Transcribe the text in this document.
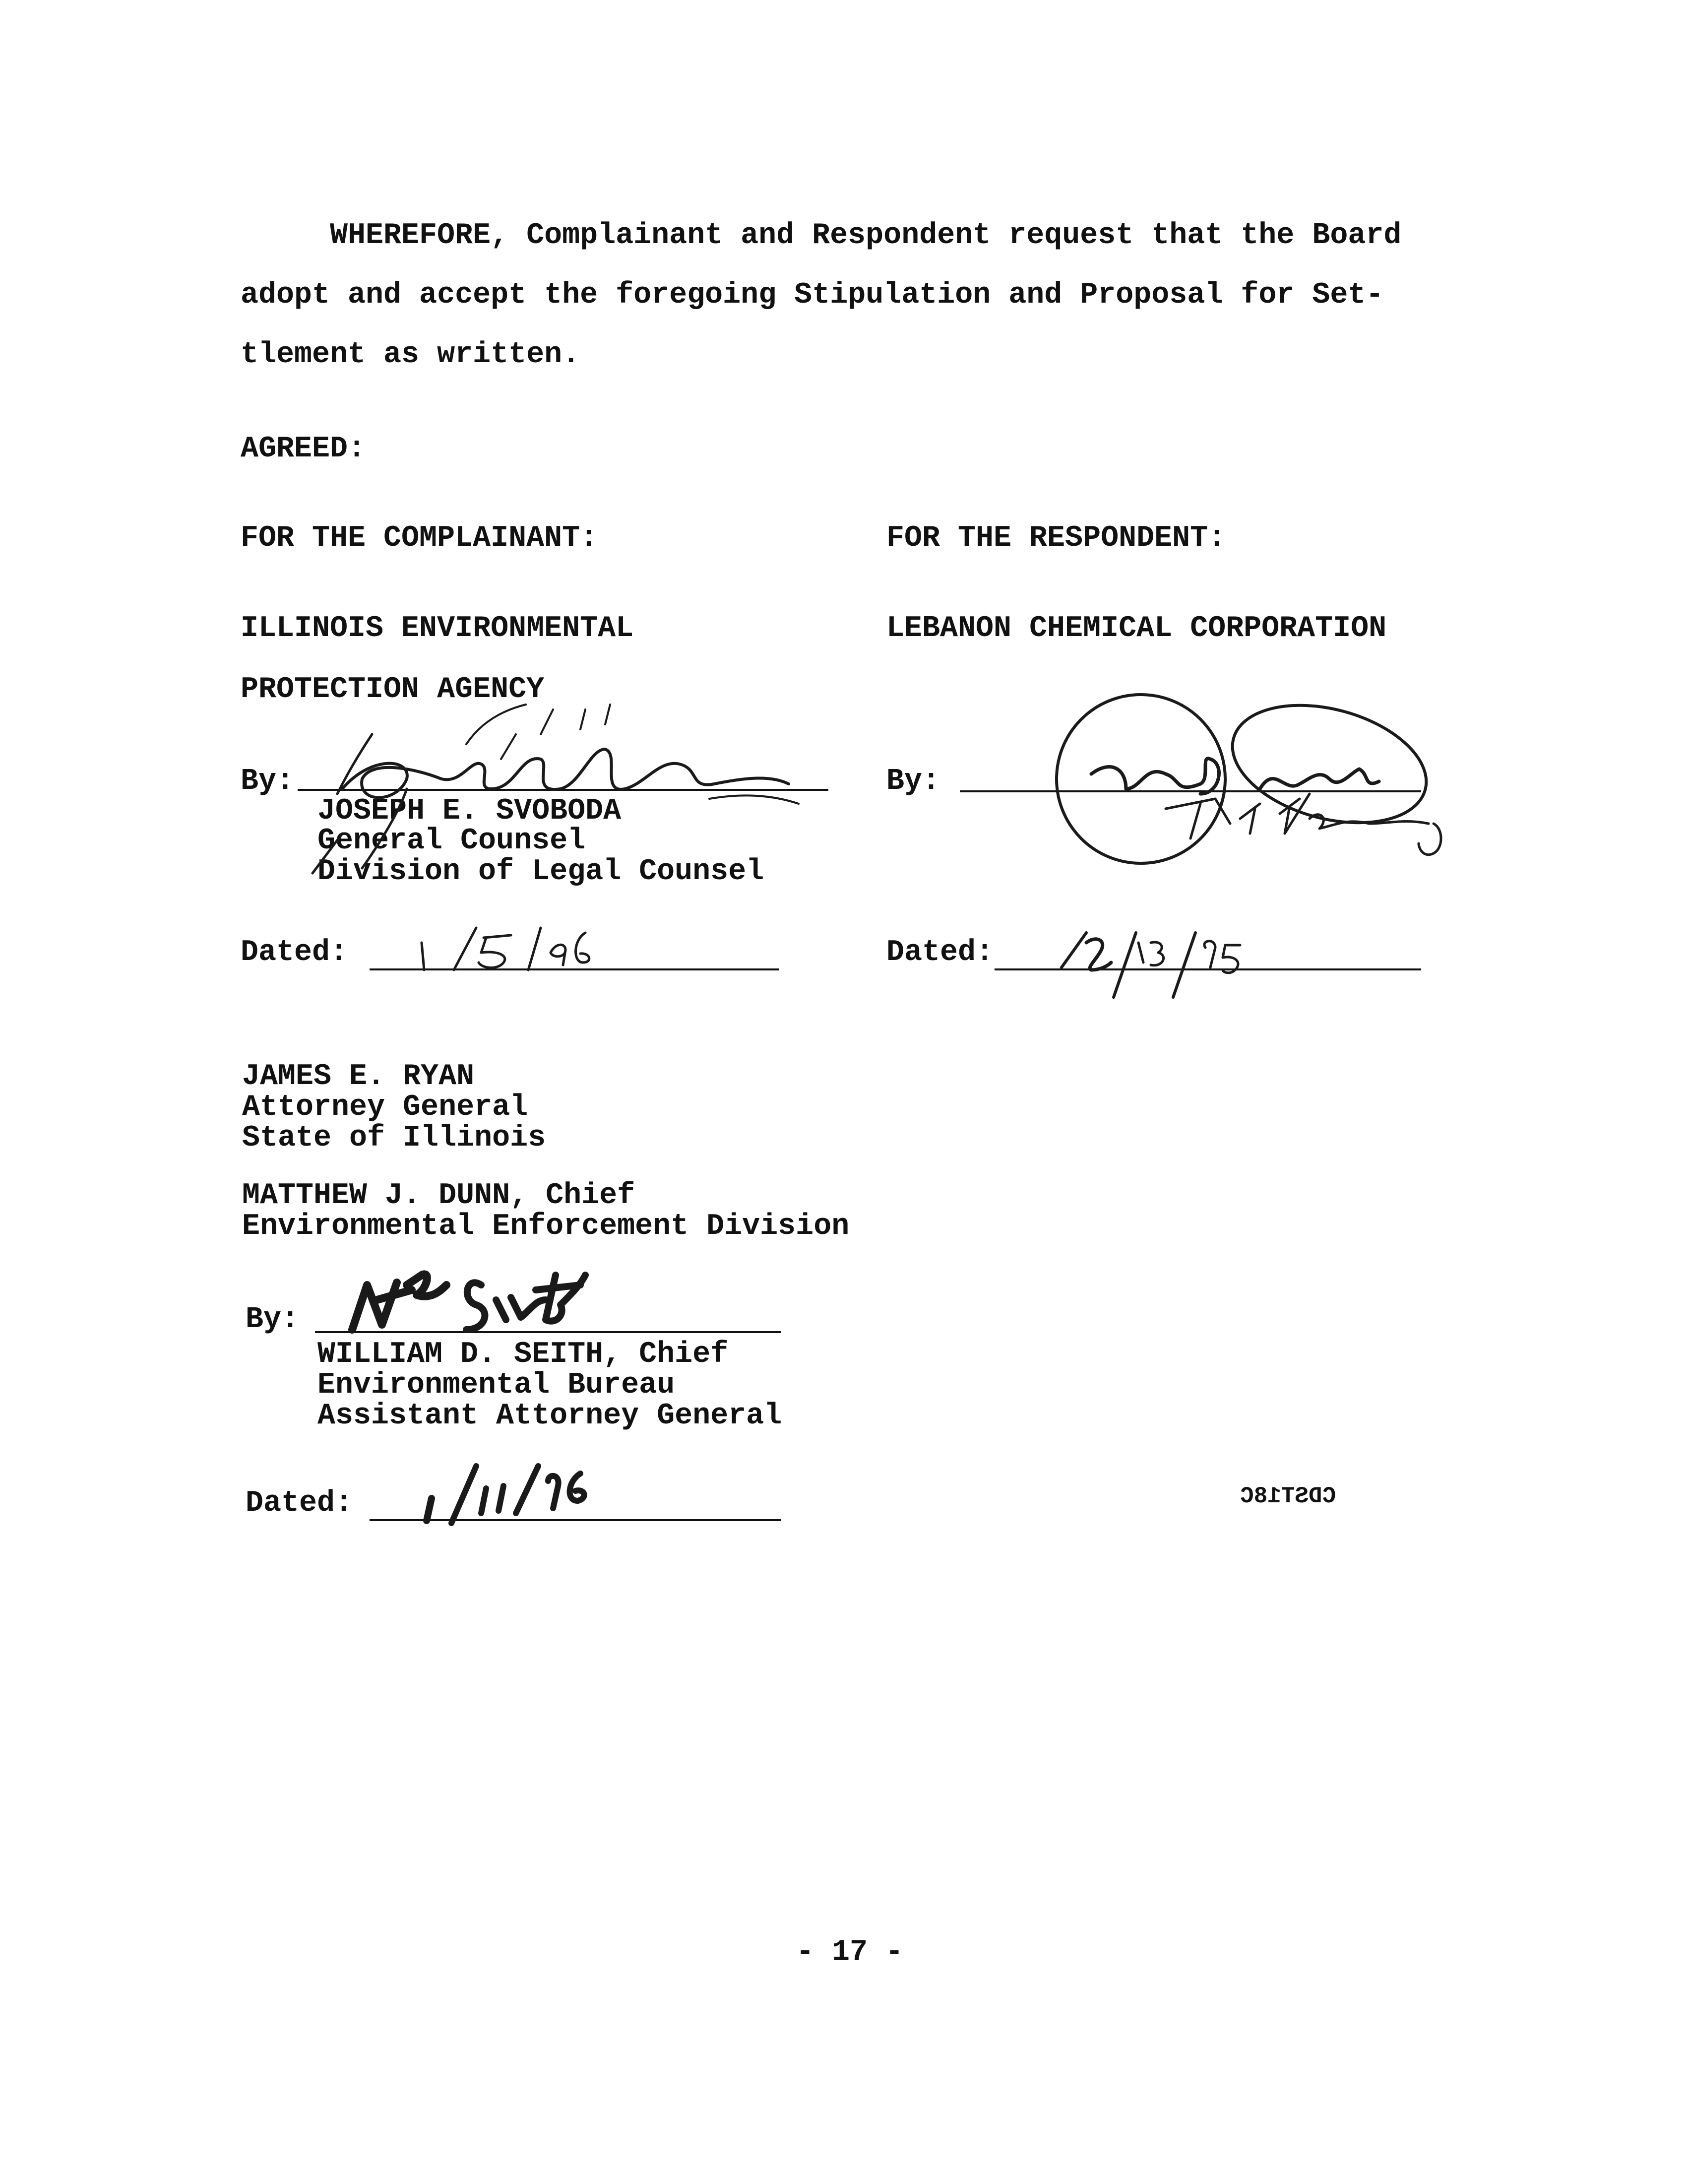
WHEREFORE, Complainant and Respondent request that the Board
adopt and accept the foregoing Stipulation and Proposal for Set-
tlement as written.
AGREED:
FOR THE COMPLAINANT:
ILLINOIS ENVIRONMENTAL
PROTECTION AGENCY
By:
JOSEPH E. SVOBODA
General Counsel
Division of Legal Counsel
Dated:
FOR THE RESPONDENT:
LEBANON CHEMICAL CORPORATION
By:
Dated:
JAMES E. RYAN
Attorney General
State of Illinois
MATTHEW J. DUNN, Chief
Environmental Enforcement Division
By:
WILLIAM D. SEITH, Chief
Environmental Bureau
Assistant Attorney General
Dated:	CDST18C
- 17 -
